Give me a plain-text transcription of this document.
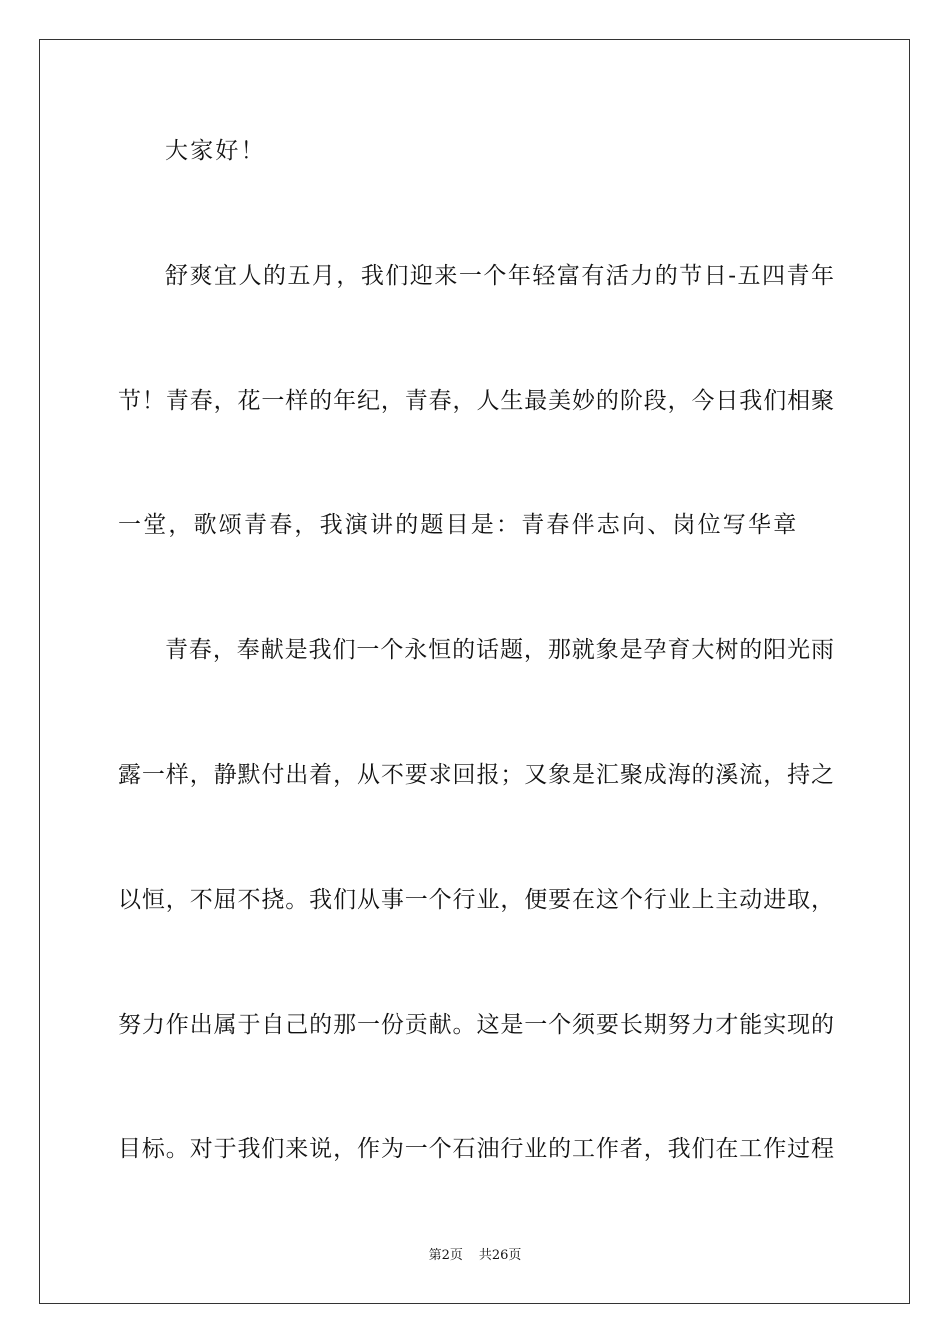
大家好！
舒爽宜人的五月，我们迎来一个年轻富有活力的节日-五四青年
节！青春，花一样的年纪，青春，人生最美妙的阶段，今日我们相聚
一堂，歌颂青春，我演讲的题目是：青春伴志向、岗位写华章
青春，奉献是我们一个永恒的话题，那就象是孕育大树的阳光雨
露一样，静默付出着，从不要求回报；又象是汇聚成海的溪流，持之
以恒，不屈不挠。我们从事一个行业，便要在这个行业上主动进取，
努力作出属于自己的那一份贡献。这是一个须要长期努力才能实现的
目标。对于我们来说，作为一个石油行业的工作者，我们在工作过程
第2页 共26页
